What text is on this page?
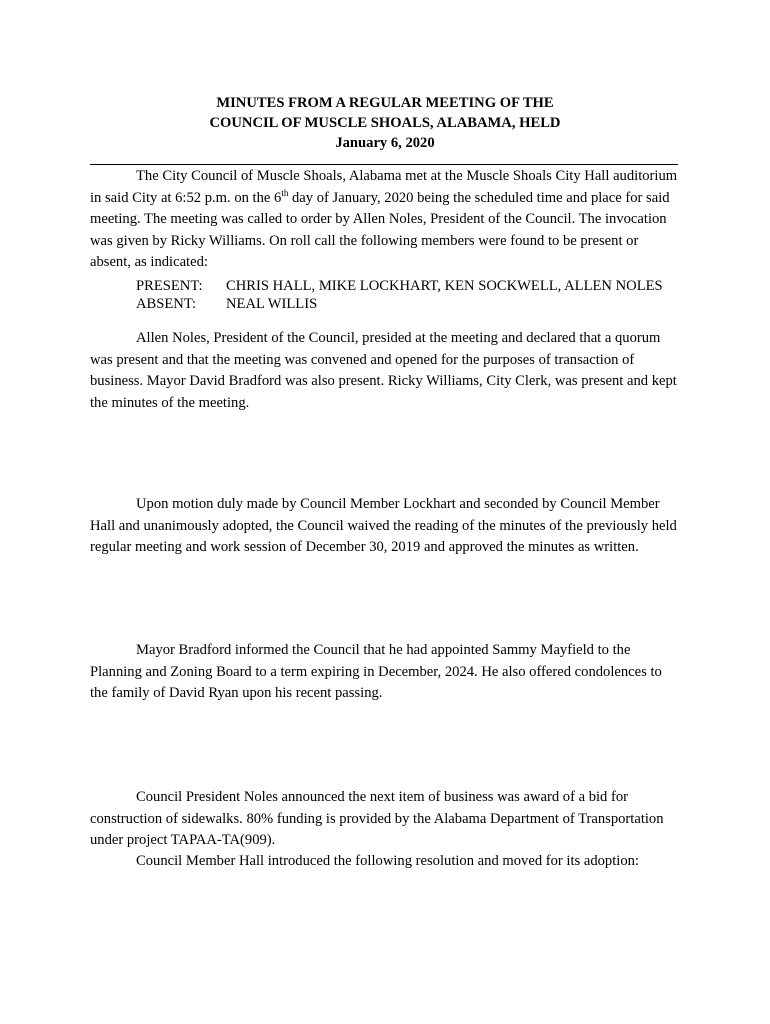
MINUTES FROM A REGULAR MEETING OF THE
COUNCIL OF MUSCLE SHOALS, ALABAMA, HELD
January 6, 2020

The City Council of Muscle Shoals, Alabama met at the Muscle Shoals City Hall auditorium in said City at 6:52 p.m. on the 6th day of January, 2020 being the scheduled time and place for said meeting. The meeting was called to order by Allen Noles, President of the Council. The invocation was given by Ricky Williams. On roll call the following members were found to be present or absent, as indicated:

PRESENT:	CHRIS HALL, MIKE LOCKHART, KEN SOCKWELL, ALLEN NOLES
ABSENT:	NEAL WILLIS

Allen Noles, President of the Council, presided at the meeting and declared that a quorum was present and that the meeting was convened and opened for the purposes of transaction of business. Mayor David Bradford was also present. Ricky Williams, City Clerk, was present and kept the minutes of the meeting.

Upon motion duly made by Council Member Lockhart and seconded by Council Member Hall and unanimously adopted, the Council waived the reading of the minutes of the previously held regular meeting and work session of December 30, 2019 and approved the minutes as written.

Mayor Bradford informed the Council that he had appointed Sammy Mayfield to the Planning and Zoning Board to a term expiring in December, 2024. He also offered condolences to the family of David Ryan upon his recent passing.

Council President Noles announced the next item of business was award of a bid for construction of sidewalks. 80% funding is provided by the Alabama Department of Transportation under project TAPAA-TA(909).

Council Member Hall introduced the following resolution and moved for its adoption:
